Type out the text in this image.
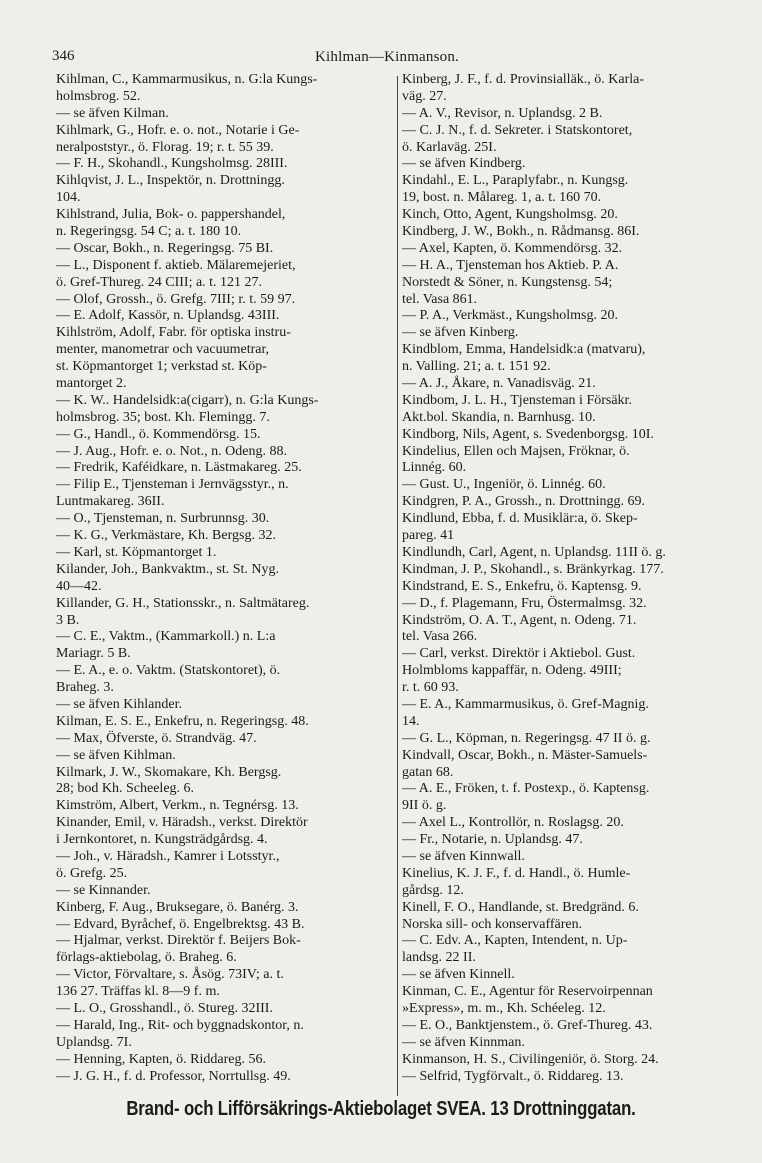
346	Kihlman—Kinmanson.
Kihlman, C., Kammarmusikus, n. G:la Kungs-
holmsbrog. 52.
— se äfven Kilman.
Kihlmark, G., Hofr. e. o. not., Notarie i Ge-
neralpoststyr., ö. Florag. 19; r. t. 55 39.
— F. H., Skohandl., Kungsholmsg. 28III.
Kihlqvist, J. L., Inspektör, n. Drottningg.
104.
Kihlstrand, Julia, Bok- o. pappershandel,
n. Regeringsg. 54 C; a. t. 180 10.
— Oscar, Bokh., n. Regeringsg. 75 BI.
— L., Disponent f. aktieb. Mälaremejeriet,
ö. Gref-Thureg. 24 CIII; a. t. 121 27.
— Olof, Grossh., ö. Grefg. 7III; r. t. 59 97.
— E. Adolf, Kassör, n. Uplandsg. 43III.
Kihlström, Adolf, Fabr. för optiska instru-
menter, manometrar och vacuumetrar,
st. Köpmantorget 1; verkstad st. Köp-
mantorget 2.
— K. W.. Handelsidk:a(cigarr), n. G:la Kungs-
holmsbrog. 35; bost. Kh. Flemingg. 7.
— G., Handl., ö. Kommendörsg. 15.
— J. Aug., Hofr. e. o. Not., n. Odeng. 88.
— Fredrik, Kaféidkare, n. Lästmakareg. 25.
— Filip E., Tjensteman i Jernvägsstyr., n.
Luntmakareg. 36II.
— O., Tjensteman, n. Surbrunnsg. 30.
— K. G., Verkmästare, Kh. Bergsg. 32.
— Karl, st. Köpmantorget 1.
Kilander, Joh., Bankvaktm., st. St. Nyg.
40—42.
Killander, G. H., Stationsskr., n. Saltmätareg.
3 B.
— C. E., Vaktm., (Kammarkoll.) n. L:a
Mariagr. 5 B.
— E. A., e. o. Vaktm. (Statskontoret), ö.
Braheg. 3.
— se äfven Kihlander.
Kilman, E. S. E., Enkefru, n. Regeringsg. 48.
— Max, Öfverste, ö. Strandväg. 47.
— se äfven Kihlman.
Kilmark, J. W., Skomakare, Kh. Bergsg.
28; bod Kh. Scheeleg. 6.
Kimström, Albert, Verkm., n. Tegnérsg. 13.
Kinander, Emil, v. Häradsh., verkst. Direktör
i Jernkontoret, n. Kungsträdgårdsg. 4.
— Joh., v. Häradsh., Kamrer i Lotsstyr.,
ö. Grefg. 25.
— se Kinnander.
Kinberg, F. Aug., Bruksegare, ö. Banérg. 3.
— Edvard, Byråchef, ö. Engelbrektsg. 43 B.
— Hjalmar, verkst. Direktör f. Beijers Bok-
förlags-aktiebolag, ö. Braheg. 6.
— Victor, Förvaltare, s. Åsög. 73IV; a. t.
136 27. Träffas kl. 8—9 f. m.
— L. O., Grosshandl., ö. Stureg. 32III.
— Harald, Ing., Rit- och byggnadskontor, n.
Uplandsg. 7I.
— Henning, Kapten, ö. Riddareg. 56.
— J. G. H., f. d. Professor, Norrtullsg. 49.
Kinberg, J. F., f. d. Provinsialläk., ö. Karla-
väg. 27.
— A. V., Revisor, n. Uplandsg. 2 B.
— C. J. N., f. d. Sekreter. i Statskontoret,
ö. Karlaväg. 25I.
— se äfven Kindberg.
Kindahl., E. L., Paraplyfabr., n. Kungsg.
19, bost. n. Målareg. 1, a. t. 160 70.
Kinch, Otto, Agent, Kungsholmsg. 20.
Kindberg, J. W., Bokh., n. Rådmansg. 86I.
— Axel, Kapten, ö. Kommendörsg. 32.
— H. A., Tjensteman hos Aktieb. P. A.
Norstedt & Söner, n. Kungstensg. 54;
tel. Vasa 861.
— P. A., Verkmäst., Kungsholmsg. 20.
— se äfven Kinberg.
Kindblom, Emma, Handelsidk:a (matvaru),
n. Valling. 21; a. t. 151 92.
— A. J., Åkare, n. Vanadisväg. 21.
Kindbom, J. L. H., Tjensteman i Försäkr.
Akt.bol. Skandia, n. Barnhusg. 10.
Kindborg, Nils, Agent, s. Svedenborgsg. 10I.
Kindelius, Ellen och Majsen, Fröknar, ö.
Linnég. 60.
— Gust. U., Ingeniör, ö. Linnég. 60.
Kindgren, P. A., Grossh., n. Drottningg. 69.
Kindlund, Ebba, f. d. Musiklär:a, ö. Skep-
pareg. 41
Kindlundh, Carl, Agent, n. Uplandsg. 11II ö. g.
Kindman, J. P., Skohandl., s. Bränkyrkag. 177.
Kindstrand, E. S., Enkefru, ö. Kaptensg. 9.
— D., f. Plagemann, Fru, Östermalmsg. 32.
Kindström, O. A. T., Agent, n. Odeng. 71.
tel. Vasa 266.
— Carl, verkst. Direktör i Aktiebol. Gust.
Holmbloms kappaffär, n. Odeng. 49III;
r. t. 60 93.
— E. A., Kammarmusikus, ö. Gref-Magnig.
14.
— G. L., Köpman, n. Regeringsg. 47 II ö. g.
Kindvall, Oscar, Bokh., n. Mäster-Samuels-
gatan 68.
— A. E., Fröken, t. f. Postexp., ö. Kaptensg.
9II ö. g.
— Axel L., Kontrollör, n. Roslagsg. 20.
— Fr., Notarie, n. Uplandsg. 47.
— se äfven Kinnwall.
Kinelius, K. J. F., f. d. Handl., ö. Humle-
gårdsg. 12.
Kinell, F. O., Handlande, st. Bredgränd. 6.
Norska sill- och konservaffären.
— C. Edv. A., Kapten, Intendent, n. Up-
landsg. 22 II.
— se äfven Kinnell.
Kinman, C. E., Agentur för Reservoirpennan
»Express», m. m., Kh. Schéeleg. 12.
— E. O., Banktjenstem., ö. Gref-Thureg. 43.
— se äfven Kinnman.
Kinmanson, H. S., Civilingeniör, ö. Storg. 24.
— Selfrid, Tygförvalt., ö. Riddareg. 13.
Brand- och Lifförsäkrings-Aktiebolaget SVEA. 13 Drottninggatan.
